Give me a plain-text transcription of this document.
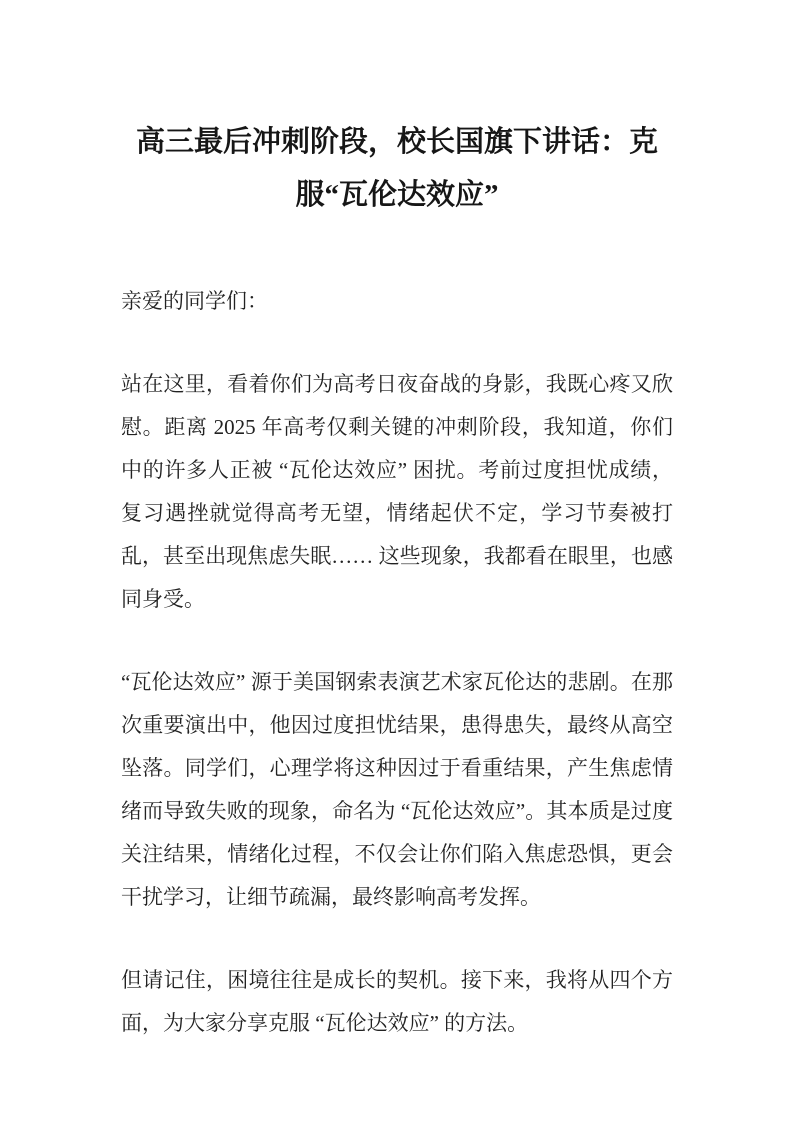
高三最后冲刺阶段，校长国旗下讲话：克服“瓦伦达效应”

亲爱的同学们：

站在这里，看着你们为高考日夜奋战的身影，我既心疼又欣慰。距离 2025 年高考仅剩关键的冲刺阶段，我知道，你们中的许多人正被 “瓦伦达效应” 困扰。考前过度担忧成绩，复习遇挫就觉得高考无望，情绪起伏不定，学习节奏被打乱，甚至出现焦虑失眠…… 这些现象，我都看在眼里，也感同身受。

“瓦伦达效应” 源于美国钢索表演艺术家瓦伦达的悲剧。在那次重要演出中，他因过度担忧结果，患得患失，最终从高空坠落。同学们，心理学将这种因过于看重结果，产生焦虑情绪而导致失败的现象，命名为 “瓦伦达效应”。其本质是过度关注结果，情绪化过程，不仅会让你们陷入焦虑恐惧，更会干扰学习，让细节疏漏，最终影响高考发挥。

但请记住，困境往往是成长的契机。接下来，我将从四个方面，为大家分享克服 “瓦伦达效应” 的方法。
